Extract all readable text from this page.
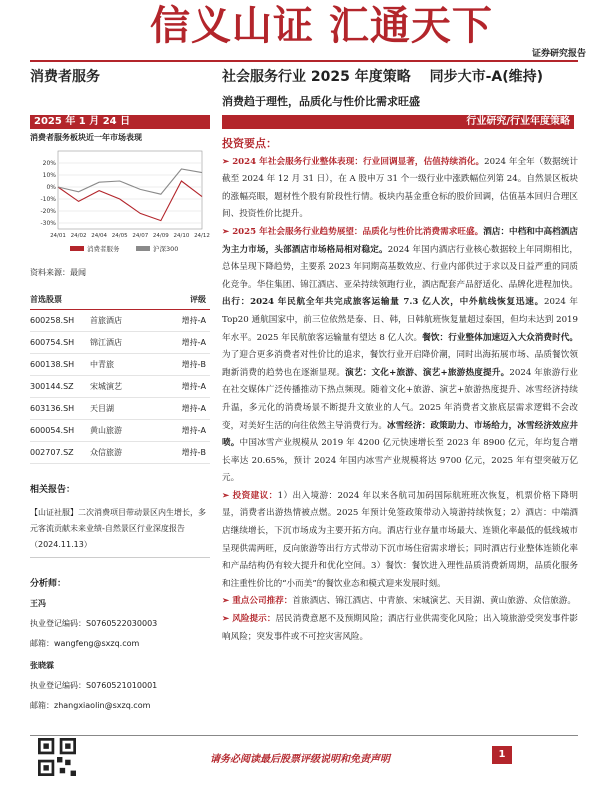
信义山证 汇通天下
证券研究报告
消费者服务	社会服务行业 2025 年度策略 同步大市-A(维持)
消费趋于理性，品质化与性价比需求旺盛
2025 年 1 月 24 日	行业研究/行业年度策略
消费者服务板块近一年市场表现
20%
10%
0%
-10%
-20%
-30%
24/01 24/02 24/04 24/05 24/07 24/09 24/10 24/12
消费者服务	沪深300
资料来源：最闻
首选股票	评级
600258.SH	首旅酒店	增持-A
600754.SH	锦江酒店	增持-A
600138.SH	中青旅	增持-B
300144.SZ	宋城演艺	增持-A
603136.SH	天目湖	增持-A
600054.SH	黄山旅游	增持-A
002707.SZ	众信旅游	增持-B
相关报告：
【山证社服】二次消费项目带动景区内生增长，多元客流贡献未来业绩-自然景区行业深度报告（2024.11.13）
分析师：
王冯
执业登记编码：S0760522030003
邮箱：wangfeng@sxzq.com
张晓霖
执业登记编码：S0760521010001
邮箱：zhangxiaolin@sxzq.com
投资要点：
➢ 2024 年社会服务行业整体表现：行业回调显著，估值持续消化。2024 年全年（数据统计截至 2024 年 12 月 31 日），在 A 股申万 31 个一级行业中涨跌幅位列第 24。自然景区板块的涨幅亮眼，题材性个股有阶段性行情。板块内基金重仓标的股价回调，估值基本回归合理区间、投资性价比提升。
➢ 2025 年社会服务行业趋势展望：品质化与性价比消费需求旺盛。酒店：中档和中高档酒店为主力市场，头部酒店市场格局相对稳定。2024 年国内酒店行业核心数据较上年同期相比，总体呈现下降趋势，主要系 2023 年同期高基数效应、行业内部供过于求以及日益严重的同质化竞争。华住集团、锦江酒店、亚朵持续领跑行业，酒店配套产品舒适化、品牌化进程加快。出行：2024 年民航全年共完成旅客运输量 7.3 亿人次，中外航线恢复迅速。2024 年 Top20 通航国家中，前三位依然是泰、日、韩，日韩航班恢复量超过泰国，但均未达到 2019 年水平。2025 年民航旅客运输量有望达 8 亿人次。餐饮：行业整体加速迈入大众消费时代。为了迎合更多消费者对性价比的追求，餐饮行业开启降价潮，同时出海拓展市场、品质餐饮领跑新消费的趋势也在逐渐显现。演艺：文化+旅游、演艺+旅游热度提升。2024 年旅游行业在社交媒体广泛传播推动下热点频现。随着文化+旅游、演艺+旅游热度提升、冰雪经济持续升温，多元化的消费场景不断提升文旅业的人气。2025 年消费者文旅底层需求逻辑不会改变，对美好生活的向往依然主导消费行为。冰雪经济：政策助力、市场给力，冰雪经济效应井喷。中国冰雪产业规模从 2019 年 4200 亿元快速增长至 2023 年 8900 亿元，年均复合增长率达 20.65%，预计 2024 年国内冰雪产业规模将达 9700 亿元，2025 年有望突破万亿元。
➢ 投资建议：1）出入境游：2024 年以来各航司加码国际航班班次恢复，机票价格下降明显，消费者出游热情被点燃。2025 年预计免签政策带动入境游持续恢复；2）酒店：中端酒店继续增长，下沉市场成为主要开拓方向。酒店行业存量市场最大、连锁化率最低的低线城市呈现供需两旺，反向旅游等出行方式带动下沉市场住宿需求增长；同时酒店行业整体连锁化率和产品结构仍有较大提升和优化空间。3）餐饮：餐饮进入理性品质消费新周期，品质化服务和注重性价比的“小而美”的餐饮业态和模式迎来发展时刻。
➢ 重点公司推荐：首旅酒店、锦江酒店、中青旅、宋城演艺、天目湖、黄山旅游、众信旅游。
➢ 风险提示：居民消费意愿不及预期风险；酒店行业供需变化风险；出入境旅游受突发事件影响风险；突发事件或不可控灾害风险。
请务必阅读最后股票评级说明和免责声明	1
